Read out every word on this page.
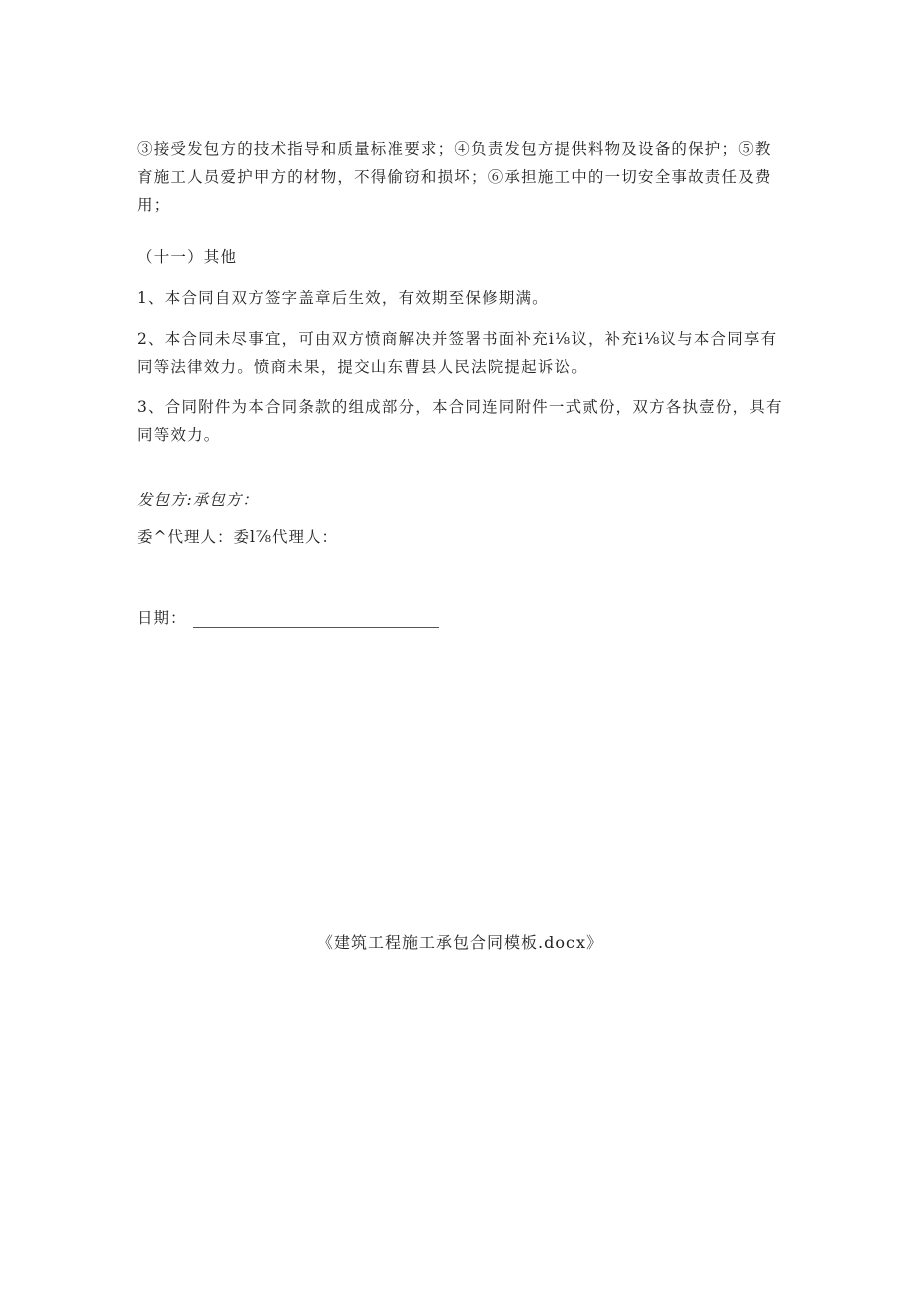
③接受发包方的技术指导和质量标准要求；④负责发包方提供料物及设备的保护；⑤教育施工人员爱护甲方的材物，不得偷窃和损坏；⑥承担施工中的一切安全事故责任及费用；

（十一）其他

1、本合同自双方签字盖章后生效，有效期至保修期满。

2、本合同未尽事宜，可由双方愤商解决并签署书面补充i⅛议，补充i⅛议与本合同享有同等法律效力。愤商未果，提交山东曹县人民法院提起诉讼。

3、合同附件为本合同条款的组成部分，本合同连同附件一式贰份，双方各执壹份，具有同等效力。

发包方:承包方：
委^代理人：委l⅞代理人：
日期：
《建筑工程施工承包合同模板.docx》
